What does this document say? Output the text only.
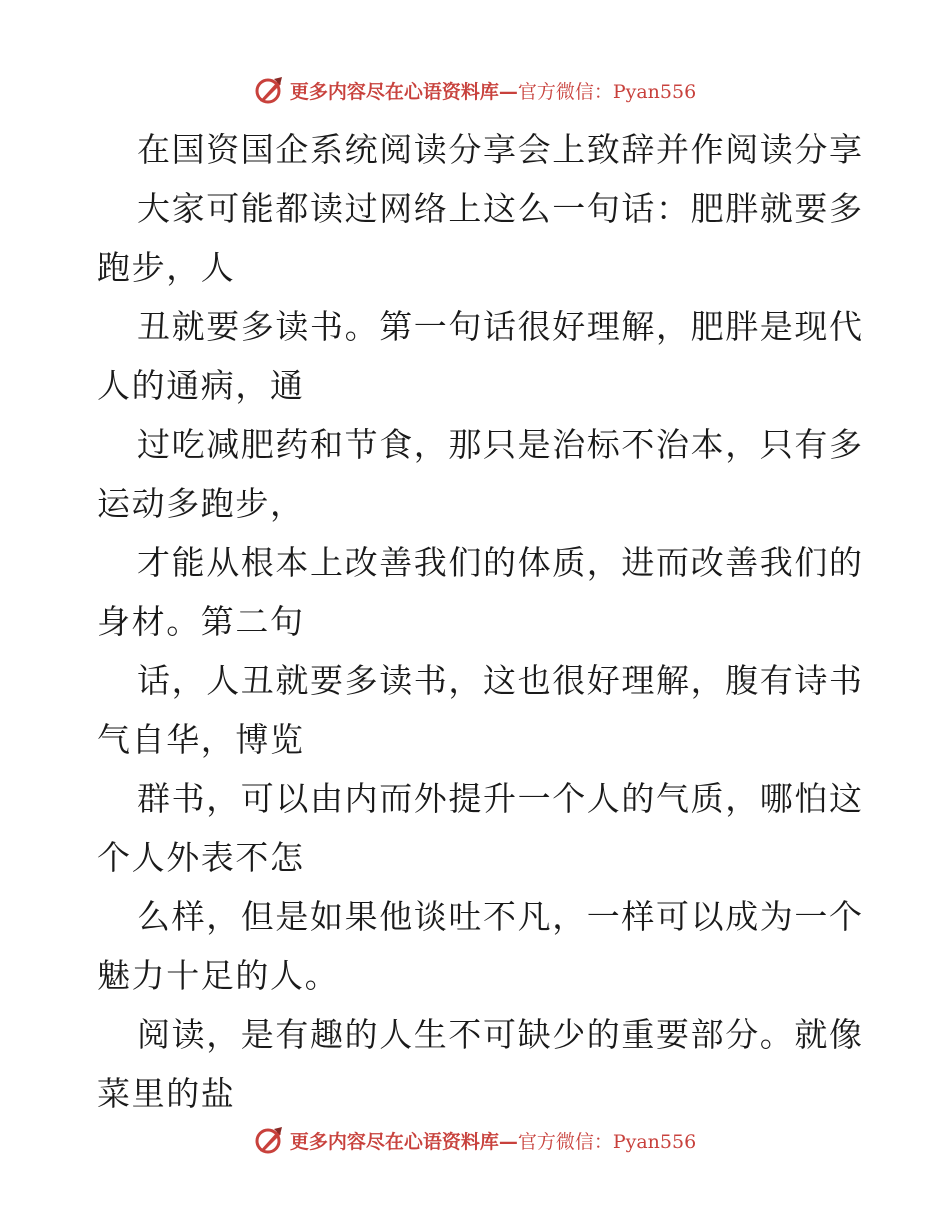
更多内容尽在心语资料库—官方微信：Pyan556
在国资国企系统阅读分享会上致辞并作阅读分享
大家可能都读过网络上这么一句话：肥胖就要多
跑步，人
丑就要多读书。第一句话很好理解，肥胖是现代
人的通病，通
过吃减肥药和节食，那只是治标不治本，只有多
运动多跑步，
才能从根本上改善我们的体质，进而改善我们的
身材。第二句
话，人丑就要多读书，这也很好理解，腹有诗书
气自华，博览
群书，可以由内而外提升一个人的气质，哪怕这
个人外表不怎
么样，但是如果他谈吐不凡，一样可以成为一个
魅力十足的人。
阅读，是有趣的人生不可缺少的重要部分。就像
菜里的盐
更多内容尽在心语资料库—官方微信：Pyan556
